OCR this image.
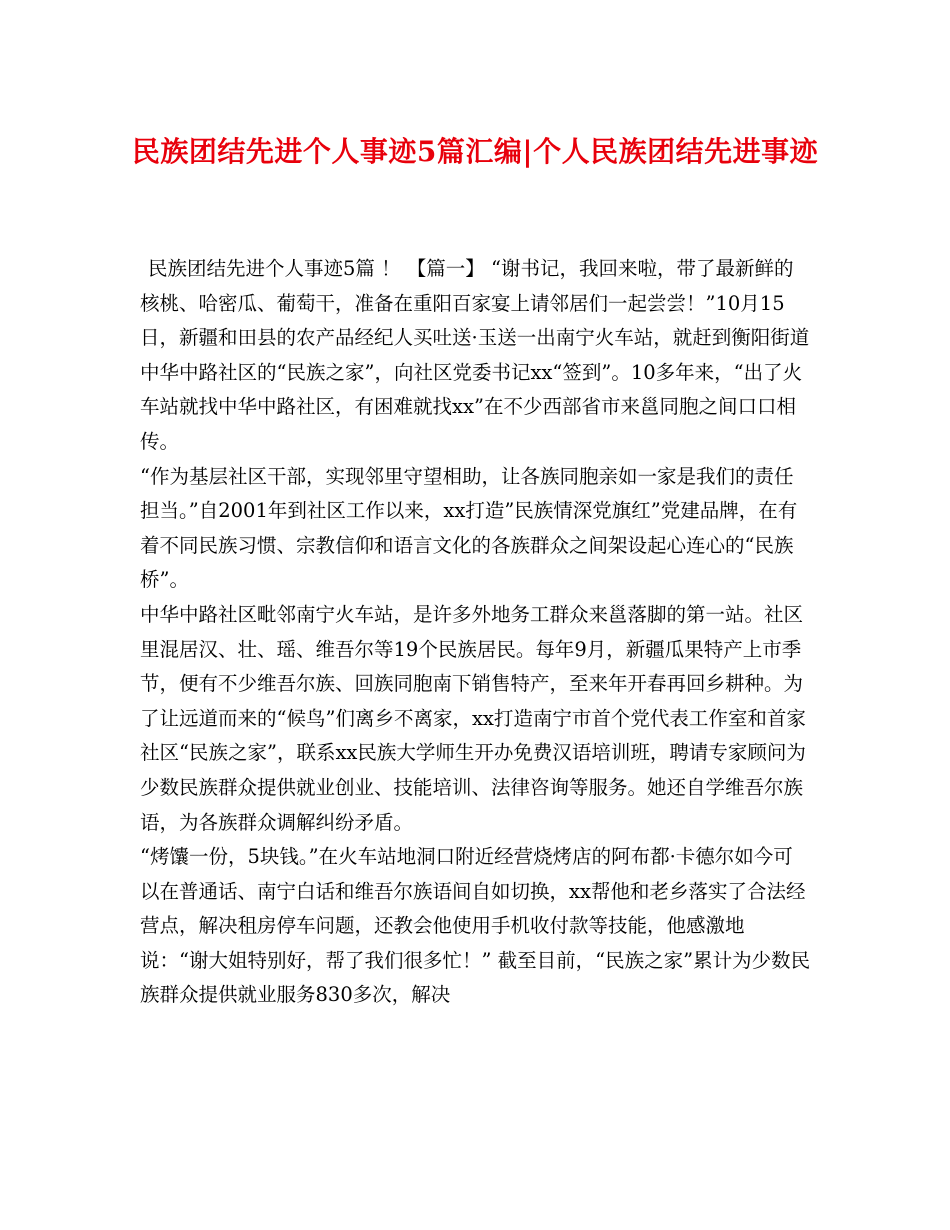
民族团结先进个人事迹5篇汇编|个人民族团结先进事迹

民族团结先进个人事迹5篇 ！ 【篇一】 “谢书记，我回来啦，带了最新鲜的核桃、哈密瓜、葡萄干，准备在重阳百家宴上请邻居们一起尝尝！”10月15日，新疆和田县的农产品经纪人买吐送·玉送一出南宁火车站，就赶到衡阳街道中华中路社区的“民族之家”，向社区党委书记xx“签到”。10多年来，“出了火车站就找中华中路社区，有困难就找xx”在不少西部省市来邕同胞之间口口相传。

“作为基层社区干部，实现邻里守望相助，让各族同胞亲如一家是我们的责任担当。”自2001年到社区工作以来，xx打造”民族情深党旗红”党建品牌，在有着不同民族习惯、宗教信仰和语言文化的各族群众之间架设起心连心的“民族桥”。

中华中路社区毗邻南宁火车站，是许多外地务工群众来邕落脚的第一站。社区里混居汉、壮、瑶、维吾尔等19个民族居民。每年9月，新疆瓜果特产上市季节，便有不少维吾尔族、回族同胞南下销售特产，至来年开春再回乡耕种。为了让远道而来的“候鸟”们离乡不离家，xx打造南宁市首个党代表工作室和首家社区“民族之家”，联系xx民族大学师生开办免费汉语培训班，聘请专家顾问为少数民族群众提供就业创业、技能培训、法律咨询等服务。她还自学维吾尔族语，为各族群众调解纠纷矛盾。

“烤馕一份，5块钱。”在火车站地洞口附近经营烧烤店的阿布都·卡德尔如今可以在普通话、南宁白话和维吾尔族语间自如切换，xx帮他和老乡落实了合法经营点，解决租房停车问题，还教会他使用手机收付款等技能，他感激地说：“谢大姐特别好，帮了我们很多忙！” 截至目前，“民族之家”累计为少数民族群众提供就业服务830多次，解决
